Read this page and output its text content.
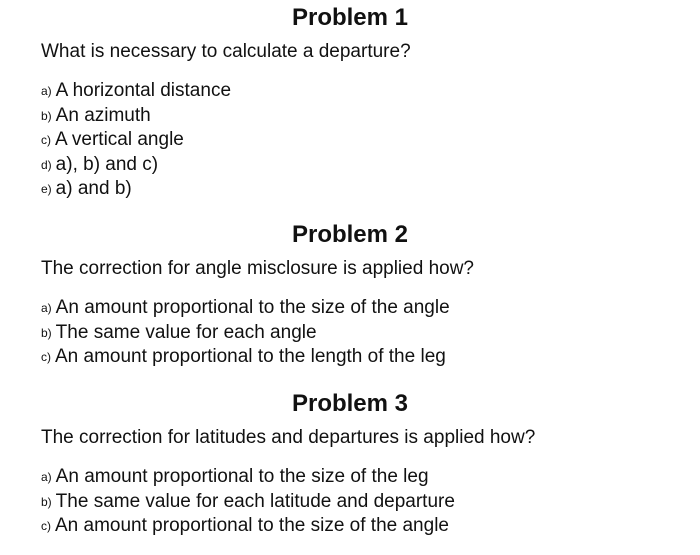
Problem 1
What is necessary to calculate a departure?
a) A horizontal distance
b) An azimuth
c) A vertical angle
d) a), b) and c)
e) a) and b)
Problem 2
The correction for angle misclosure is applied how?
a) An amount proportional to the size of the angle
b) The same value for each angle
c) An amount proportional to the length of the leg
Problem 3
The correction for latitudes and departures is applied how?
a) An amount proportional to the size of the leg
b) The same value for each latitude and departure
c) An amount proportional to the size of the angle
